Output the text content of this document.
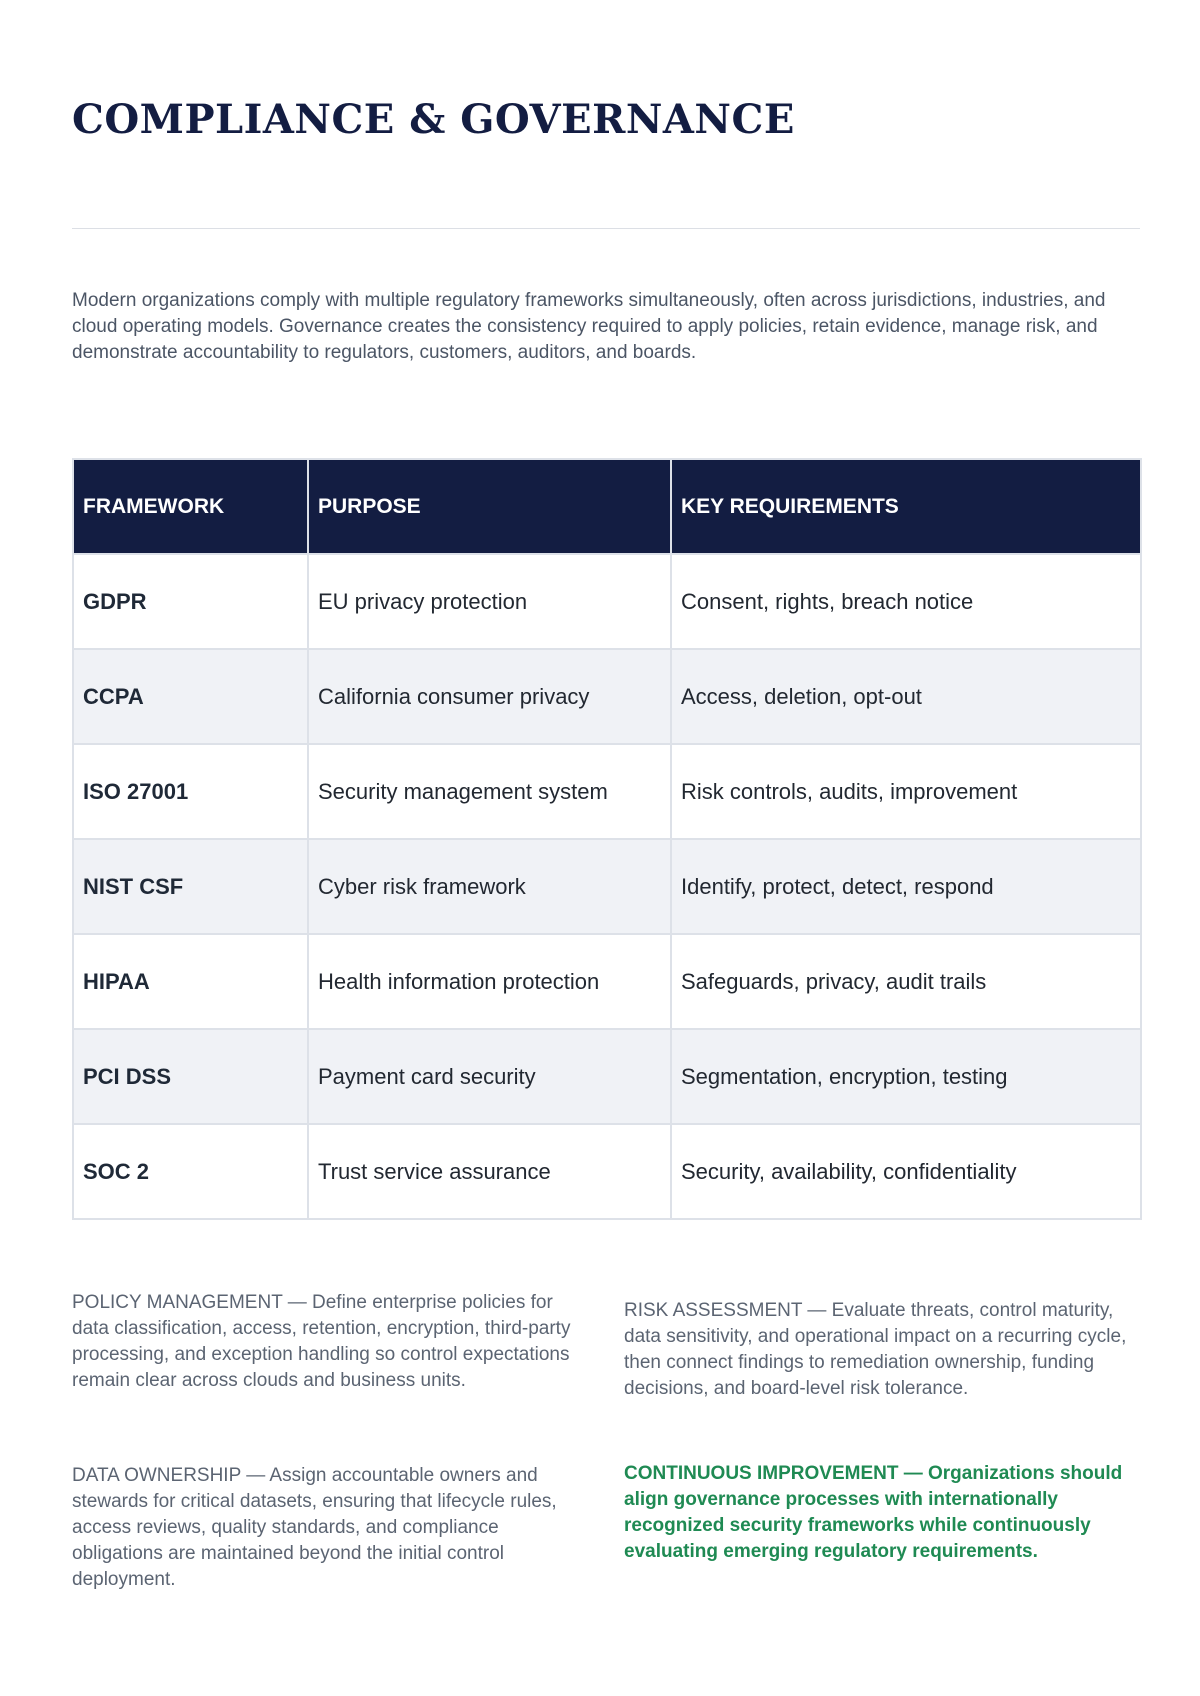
COMPLIANCE & GOVERNANCE

Modern organizations comply with multiple regulatory frameworks simultaneously, often across jurisdictions, industries, and cloud operating models. Governance creates the consistency required to apply policies, retain evidence, manage risk, and demonstrate accountability to regulators, customers, auditors, and boards.

FRAMEWORK	PURPOSE	KEY REQUIREMENTS
GDPR	EU privacy protection	Consent, rights, breach notice
CCPA	California consumer privacy	Access, deletion, opt-out
ISO 27001	Security management system	Risk controls, audits, improvement
NIST CSF	Cyber risk framework	Identify, protect, detect, respond
HIPAA	Health information protection	Safeguards, privacy, audit trails
PCI DSS	Payment card security	Segmentation, encryption, testing
SOC 2	Trust service assurance	Security, availability, confidentiality

POLICY MANAGEMENT — Define enterprise policies for data classification, access, retention, encryption, third-party processing, and exception handling so control expectations remain clear across clouds and business units.

RISK ASSESSMENT — Evaluate threats, control maturity, data sensitivity, and operational impact on a recurring cycle, then connect findings to remediation ownership, funding decisions, and board-level risk tolerance.

DATA OWNERSHIP — Assign accountable owners and stewards for critical datasets, ensuring that lifecycle rules, access reviews, quality standards, and compliance obligations are maintained beyond the initial control deployment.

CONTINUOUS IMPROVEMENT — Organizations should align governance processes with internationally recognized security frameworks while continuously evaluating emerging regulatory requirements.
